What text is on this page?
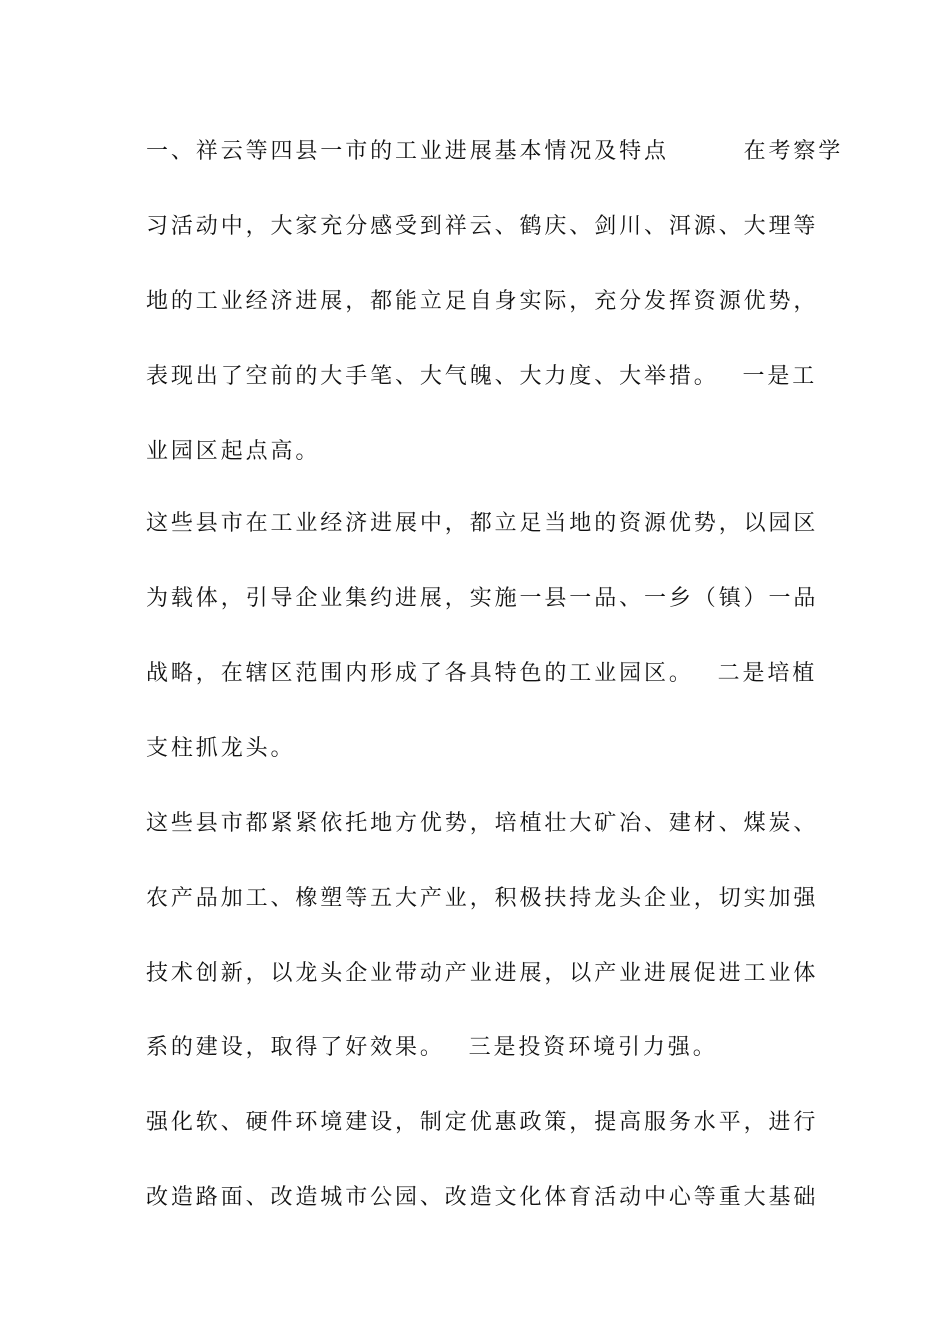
一、祥云等四县一市的工业进展基本情况及特点　　　在考察学
习活动中，大家充分感受到祥云、鹤庆、剑川、洱源、大理等
地的工业经济进展，都能立足自身实际，充分发挥资源优势，
表现出了空前的大手笔、大气魄、大力度、大举措。　 一是工
业园区起点高。
这些县市在工业经济进展中，都立足当地的资源优势，以园区
为载体，引导企业集约进展，实施一县一品、一乡（镇）一品
战略，在辖区范围内形成了各具特色的工业园区。　 二是培植
支柱抓龙头。
这些县市都紧紧依托地方优势，培植壮大矿冶、建材、煤炭、
农产品加工、橡塑等五大产业，积极扶持龙头企业，切实加强
技术创新，以龙头企业带动产业进展，以产业进展促进工业体
系的建设，取得了好效果。　 三是投资环境引力强。
强化软、硬件环境建设，制定优惠政策，提高服务水平，进行
改造路面、改造城市公园、改造文化体育活动中心等重大基础
